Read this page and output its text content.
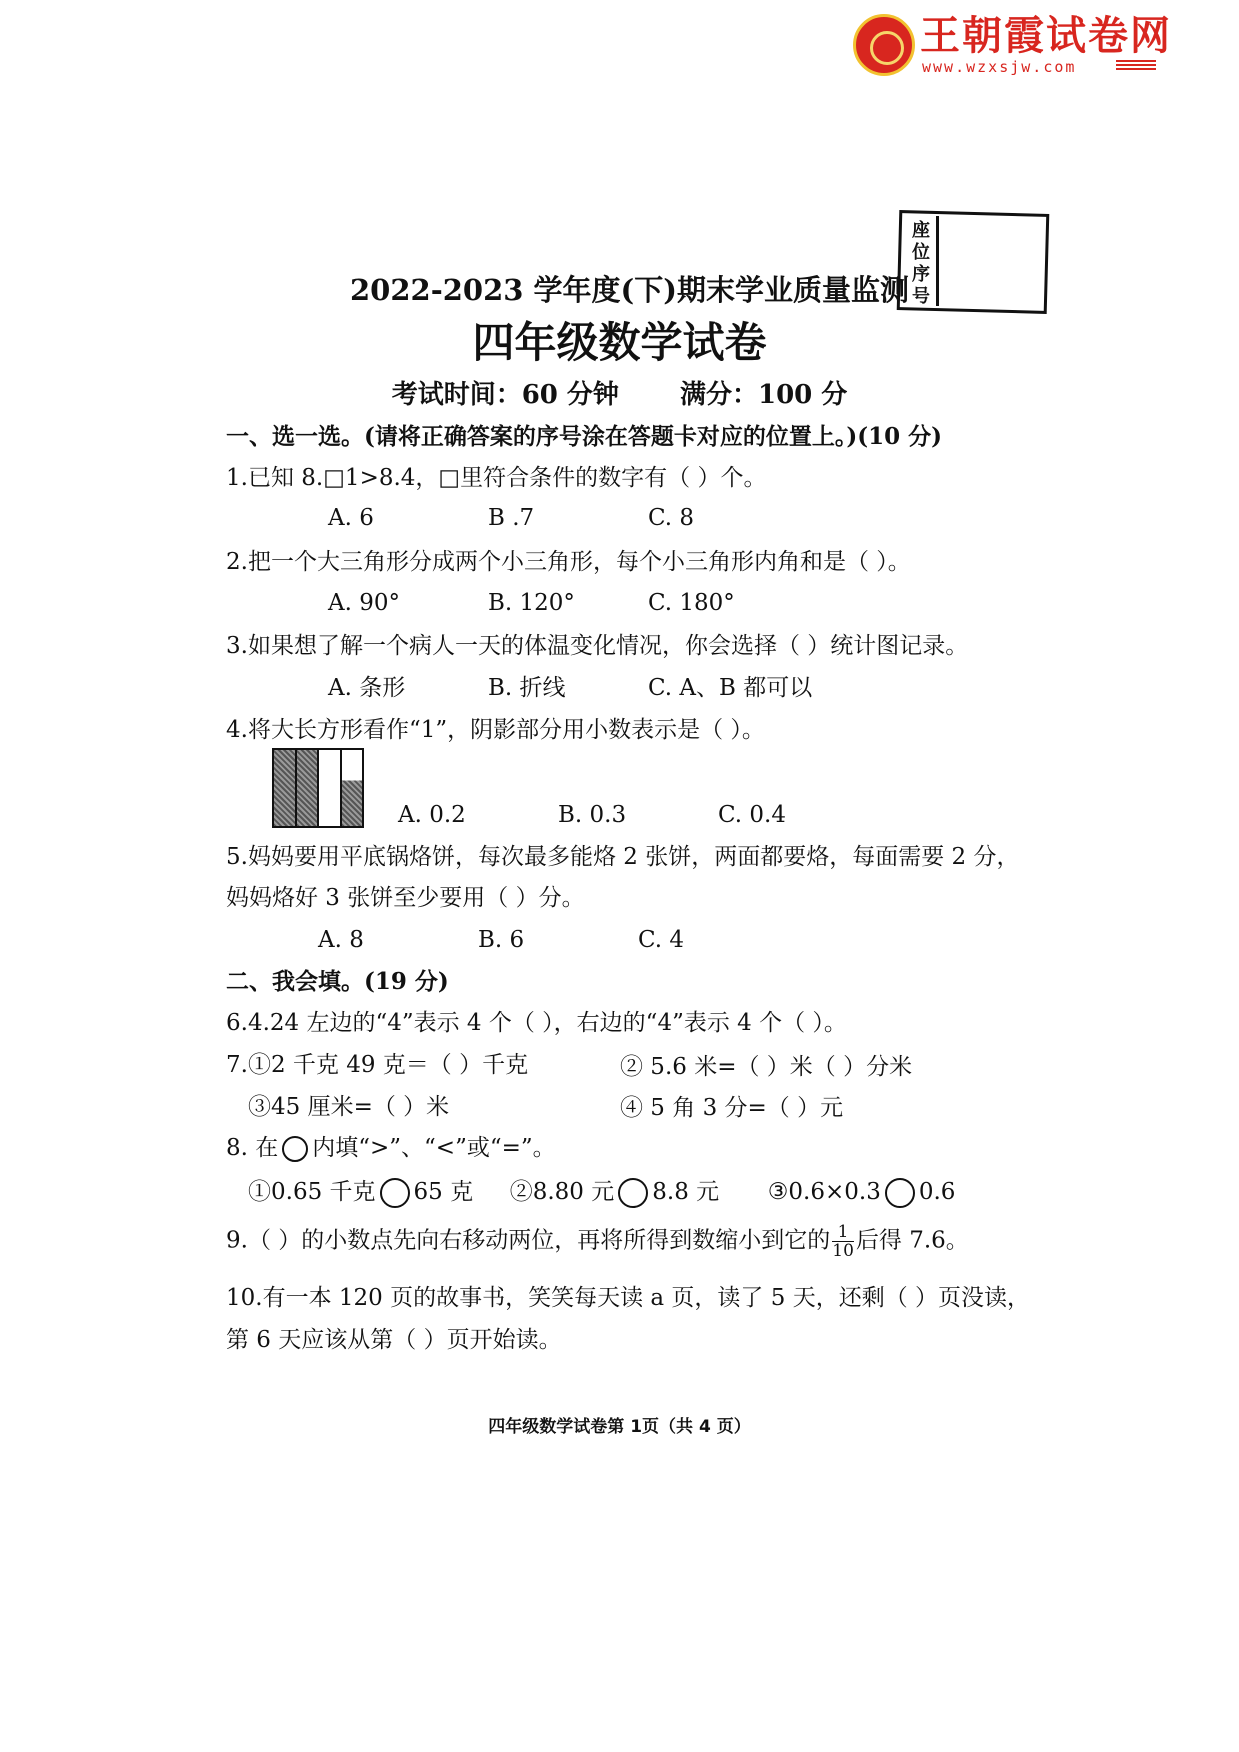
王朝霞试卷网
www.wzxsjw.com
座位序号
2022-2023 学年度(下)期末学业质量监测
四年级数学试卷
考试时间：60 分钟 满分：100 分
一、选一选。(请将正确答案的序号涂在答题卡对应的位置上。)(10 分)
1.已知 8.□1>8.4，□里符合条件的数字有（ ）个。
A. 6	B .7	C. 8
2.把一个大三角形分成两个小三角形，每个小三角形内角和是（ ）。
A. 90°	B. 120°	C. 180°
3.如果想了解一个病人一天的体温变化情况，你会选择（ ）统计图记录。
A. 条形	B. 折线	C. A、B 都可以
4.将大长方形看作“1”，阴影部分用小数表示是（ ）。
A. 0.2	B. 0.3	C. 0.4
5.妈妈要用平底锅烙饼，每次最多能烙 2 张饼，两面都要烙，每面需要 2 分，
妈妈烙好 3 张饼至少要用（ ）分。
A. 8	B. 6	C. 4
二、我会填。(19 分)
6.4.24 左边的“4”表示 4 个（ ），右边的“4”表示 4 个（ ）。
7.①2 千克 49 克＝（ ）千克	② 5.6 米=（ ）米（ ）分米
③45 厘米=（ ）米	④ 5 角 3 分=（ ）元
8. 在 内填“>”、“<”或“=”。
①0.65 千克 65 克 ②8.80 元 8.8 元 ③0.6×0.3 0.6
9.（ ）的小数点先向右移动两位，再将所得到数缩小到它的 $\frac{1}{10}$ 后得 7.6。
10.有一本 120 页的故事书，笑笑每天读 a 页，读了 5 天，还剩（ ）页没读，
第 6 天应该从第（ ）页开始读。
四年级数学试卷第 1页（共 4 页）
